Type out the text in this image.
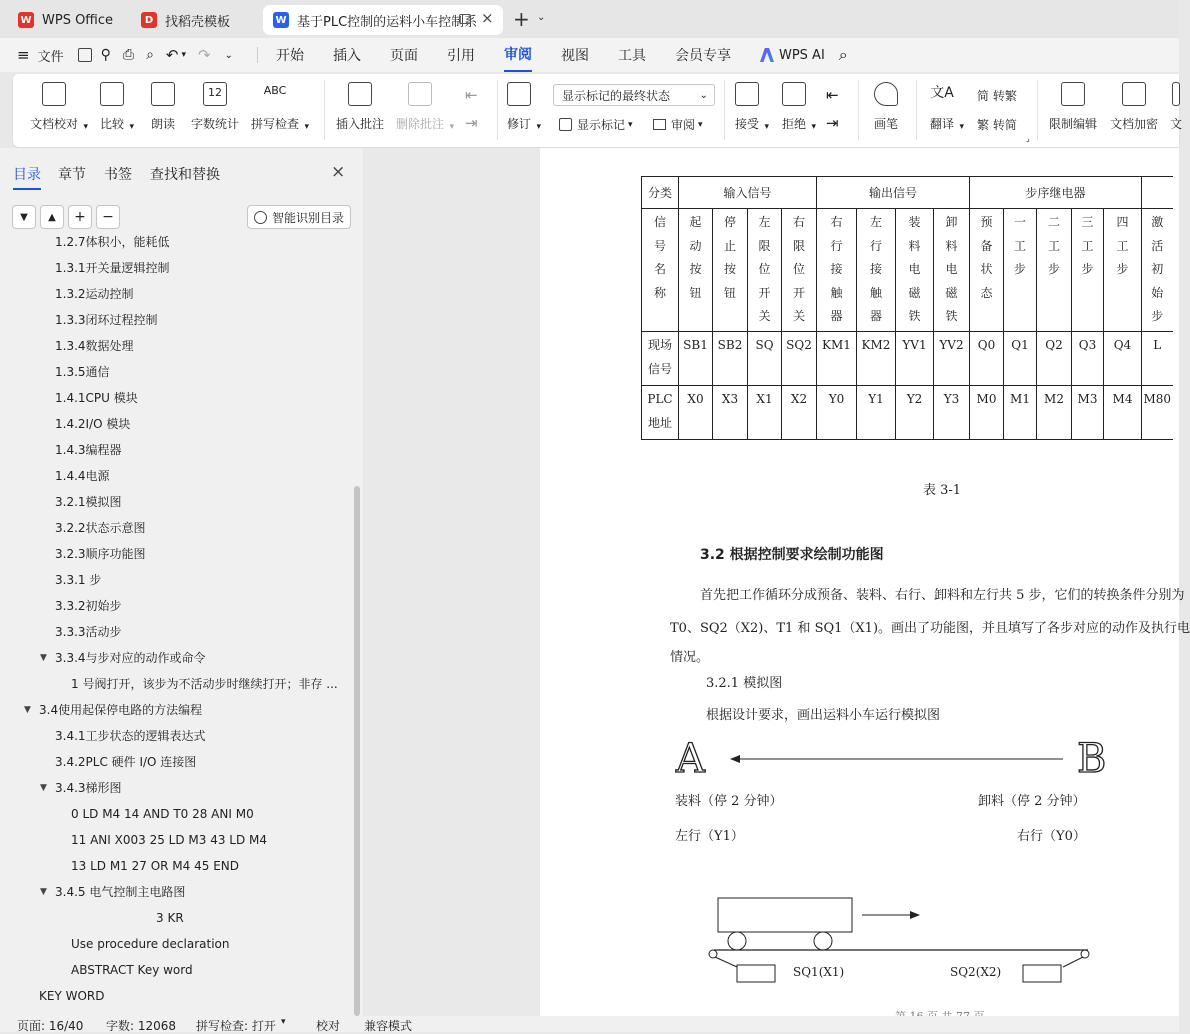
W WPS Office	D 找稻壳模板	W 基于PLC控制的运料小车控制系 × + ⌄
≡ 文件	⚲ ⎙ ⌕ ↶ ▾ ↷ ⌄	开始 插入 页面 引用 审阅 视图 工具 会员专享	WPS AI ⌕
文档校对 ▾ 比较 ▾ 朗读
12
字数统计
ABC
拼写检查 ▾ 插入批注 删除批注 ▾
⇤
⇥ 修订 ▾
显示标记的最终状态	⌄
显示标记 ▾	审阅 ▾	接受 ▾ 拒绝 ▾
⇤
⇥	画笔
文A
翻译 ▾
简 转繁
繁 转简
⌟
限制编辑 文档加密 文
目录 章节 书签 查找和替换	×
▼ ▲ + −	智能识别目录
1.2.7体积小，能耗低
1.3.1开关量逻辑控制
1.3.2运动控制
1.3.3闭环过程控制
1.3.4数据处理
1.3.5通信
1.4.1CPU 模块
1.4.2I/O 模块
1.4.3编程器
1.4.4电源
3.2.1模拟图
3.2.2状态示意图
3.2.3顺序功能图
3.3.1 步
3.3.2初始步
3.3.3活动步
▼ 3.3.4与步对应的动作或命令
1 号阀打开，该步为不活动步时继续打开；非存 ...
▼ 3.4使用起保停电路的方法编程
3.4.1工步状态的逻辑表达式
3.4.2PLC 硬件 I/O 连接图
▼ 3.4.3梯形图
0 LD M4 14 AND T0 28 ANI M0
11 ANI X003 25 LD M3 43 LD M4
13 LD M1 27 OR M4 45 END
▼ 3.4.5 电气控制主电路图
3 KR
Use procedure declaration
ABSTRACT Key word
KEY WORD
分类	输入信号				输出信号				步序继电器					
信
号
名
称	起
动
按
钮	停
止
按
钮	左
限
位
开
关	右
限
位
开
关	右
行
接
触
器	左
行
接
触
器	装
料
电
磁
铁	卸
料
电
磁
铁	预
备
状
态	一
工
步	二
工
步	三
工
步	四
工
步	激
活
初
始
步
现场
信号	SB1	SB2	SQ	SQ2	KM1	KM2	YV1	YV2	Q0	Q1	Q2	Q3	Q4	L
PLC
地址	X0	X3	X1	X2	Y0	Y1	Y2	Y3	M0	M1	M2	M3	M4	M80
表 3-1
3.2 根据控制要求绘制功能图
首先把工作循环分成预备、装料、右行、卸料和左行共 5 步，它们的转换条件分别为
T0、SQ2（X2)、T1 和 SQ1（X1)。画出了功能图，并且填写了各步对应的动作及执行电
情况。
3.2.1 模拟图
根据设计要求，画出运料小车运行模拟图
A	B
装料（停 2 分钟）	卸料（停 2 分钟）
左行（Y1）	右行（Y0）
SQ1(X1)	SQ2(X2)
页面: 16/40 字数: 12068 拼写检查: 打开 ▾	校对 兼容模式
